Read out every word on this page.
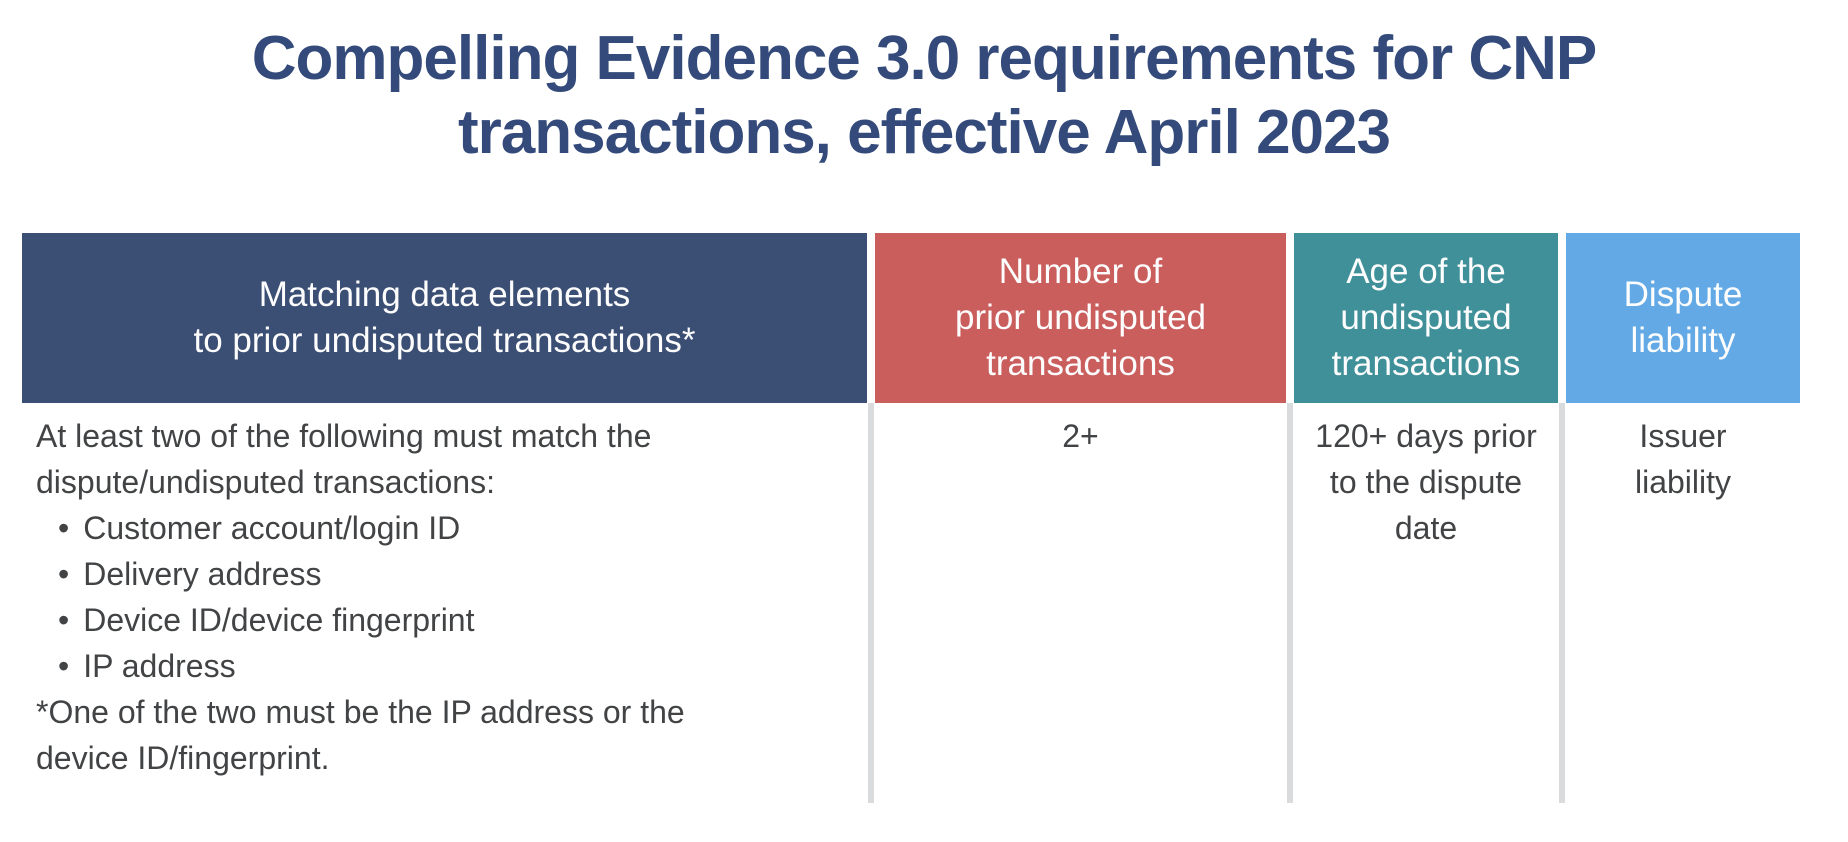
Compelling Evidence 3.0 requirements for CNP
transactions, effective April 2023
Matching data elements
to prior undisputed transactions*
Number of
prior undisputed
transactions
Age of the
undisputed
transactions
Dispute
liability
At least two of the following must match the
dispute/undisputed transactions:
• Customer account/login ID
• Delivery address
• Device ID/device fingerprint
• IP address
*One of the two must be the IP address or the
device ID/fingerprint.
2+	120+ days prior
to the dispute
date
Issuer
liability
